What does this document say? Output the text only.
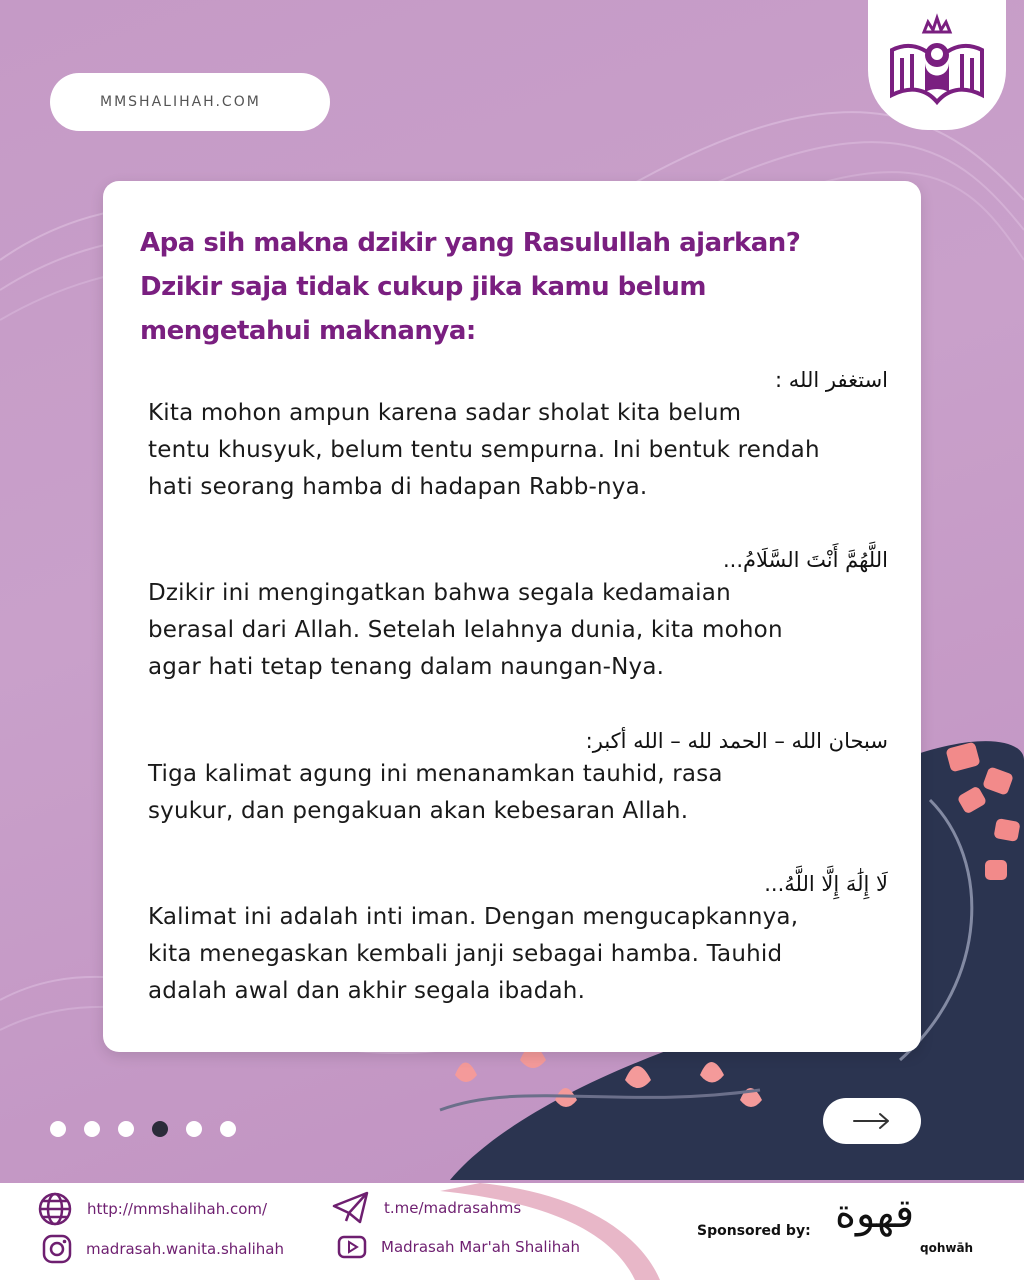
MMSHALIHAH.COM
Apa sih makna dzikir yang Rasulullah ajarkan?
Dzikir saja tidak cukup jika kamu belum
mengetahui maknanya:
استغفر الله :
Kita mohon ampun karena sadar sholat kita belum
tentu khusyuk, belum tentu sempurna. Ini bentuk rendah
hati seorang hamba di hadapan Rabb-nya.
اللَّهُمَّ أَنْتَ السَّلَامُ...
Dzikir ini mengingatkan bahwa segala kedamaian
berasal dari Allah. Setelah lelahnya dunia, kita mohon
agar hati tetap tenang dalam naungan-Nya.
سبحان الله – الحمد لله – الله أكبر:
Tiga kalimat agung ini menanamkan tauhid, rasa
syukur, dan pengakuan akan kebesaran Allah.
لَا إِلَٰهَ إِلَّا اللَّهُ...
Kalimat ini adalah inti iman. Dengan mengucapkannya,
kita menegaskan kembali janji sebagai hamba. Tauhid
adalah awal dan akhir segala ibadah.
http://mmshalihah.com/
madrasah.wanita.shalihah
t.me/madrasahms
Madrasah Mar'ah Shalihah
Sponsored by: قهوة
qohwāh
